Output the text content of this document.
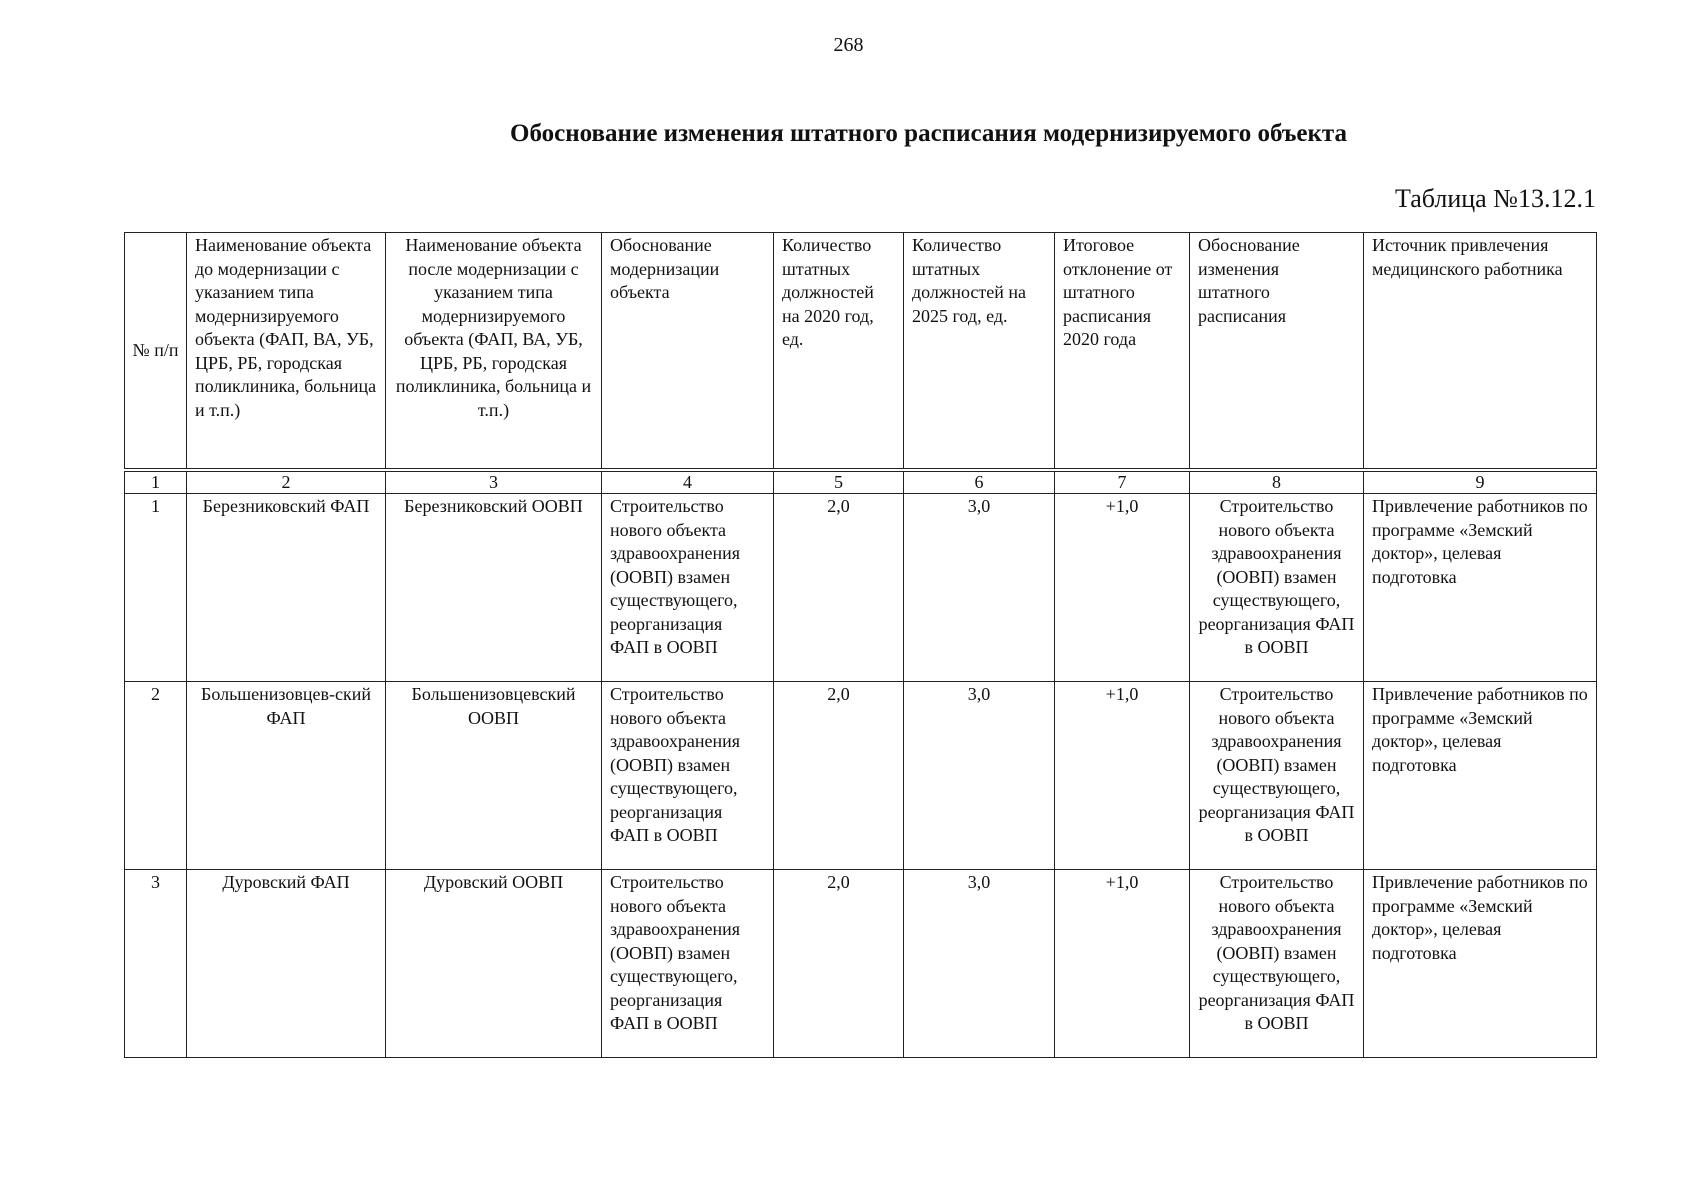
268
Обоснование изменения штатного расписания модернизируемого объекта
Таблица №13.12.1
№ п/п	Наименование объекта до модернизации с указанием типа модернизируемого объекта (ФАП, ВА, УБ, ЦРБ, РБ, городская поликлиника, больница и т.п.)	Наименование объекта после модернизации с указанием типа модернизируемого объекта (ФАП, ВА, УБ, ЦРБ, РБ, городская поликлиника, больница и т.п.)	Обоснование модернизации объекта	Количество штатных должностей на 2020 год, ед.	Количество штатных должностей на 2025 год, ед.	Итоговое отклонение от штатного расписания 2020 года	Обоснование изменения штатного расписания	Источник привлечения медицинского работника
1	2	3	4	5	6	7	8	9
1	Березниковский ФАП	Березниковский ООВП	Строительство нового объекта здравоохранения (ООВП) взамен существующего, реорганизация ФАП в ООВП	2,0	3,0	+1,0	Строительство нового объекта здравоохранения (ООВП) взамен существующего, реорганизация ФАП в ООВП	Привлечение работников по программе «Земский доктор», целевая подготовка
2	Большенизовцев-ский ФАП	Большенизовцевский ООВП	Строительство нового объекта здравоохранения (ООВП) взамен существующего, реорганизация ФАП в ООВП	2,0	3,0	+1,0	Строительство нового объекта здравоохранения (ООВП) взамен существующего, реорганизация ФАП в ООВП	Привлечение работников по программе «Земский доктор», целевая подготовка
3	Дуровский ФАП	Дуровский ООВП	Строительство нового объекта здравоохранения (ООВП) взамен существующего, реорганизация ФАП в ООВП	2,0	3,0	+1,0	Строительство нового объекта здравоохранения (ООВП) взамен существующего, реорганизация ФАП в ООВП	Привлечение работников по программе «Земский доктор», целевая подготовка
